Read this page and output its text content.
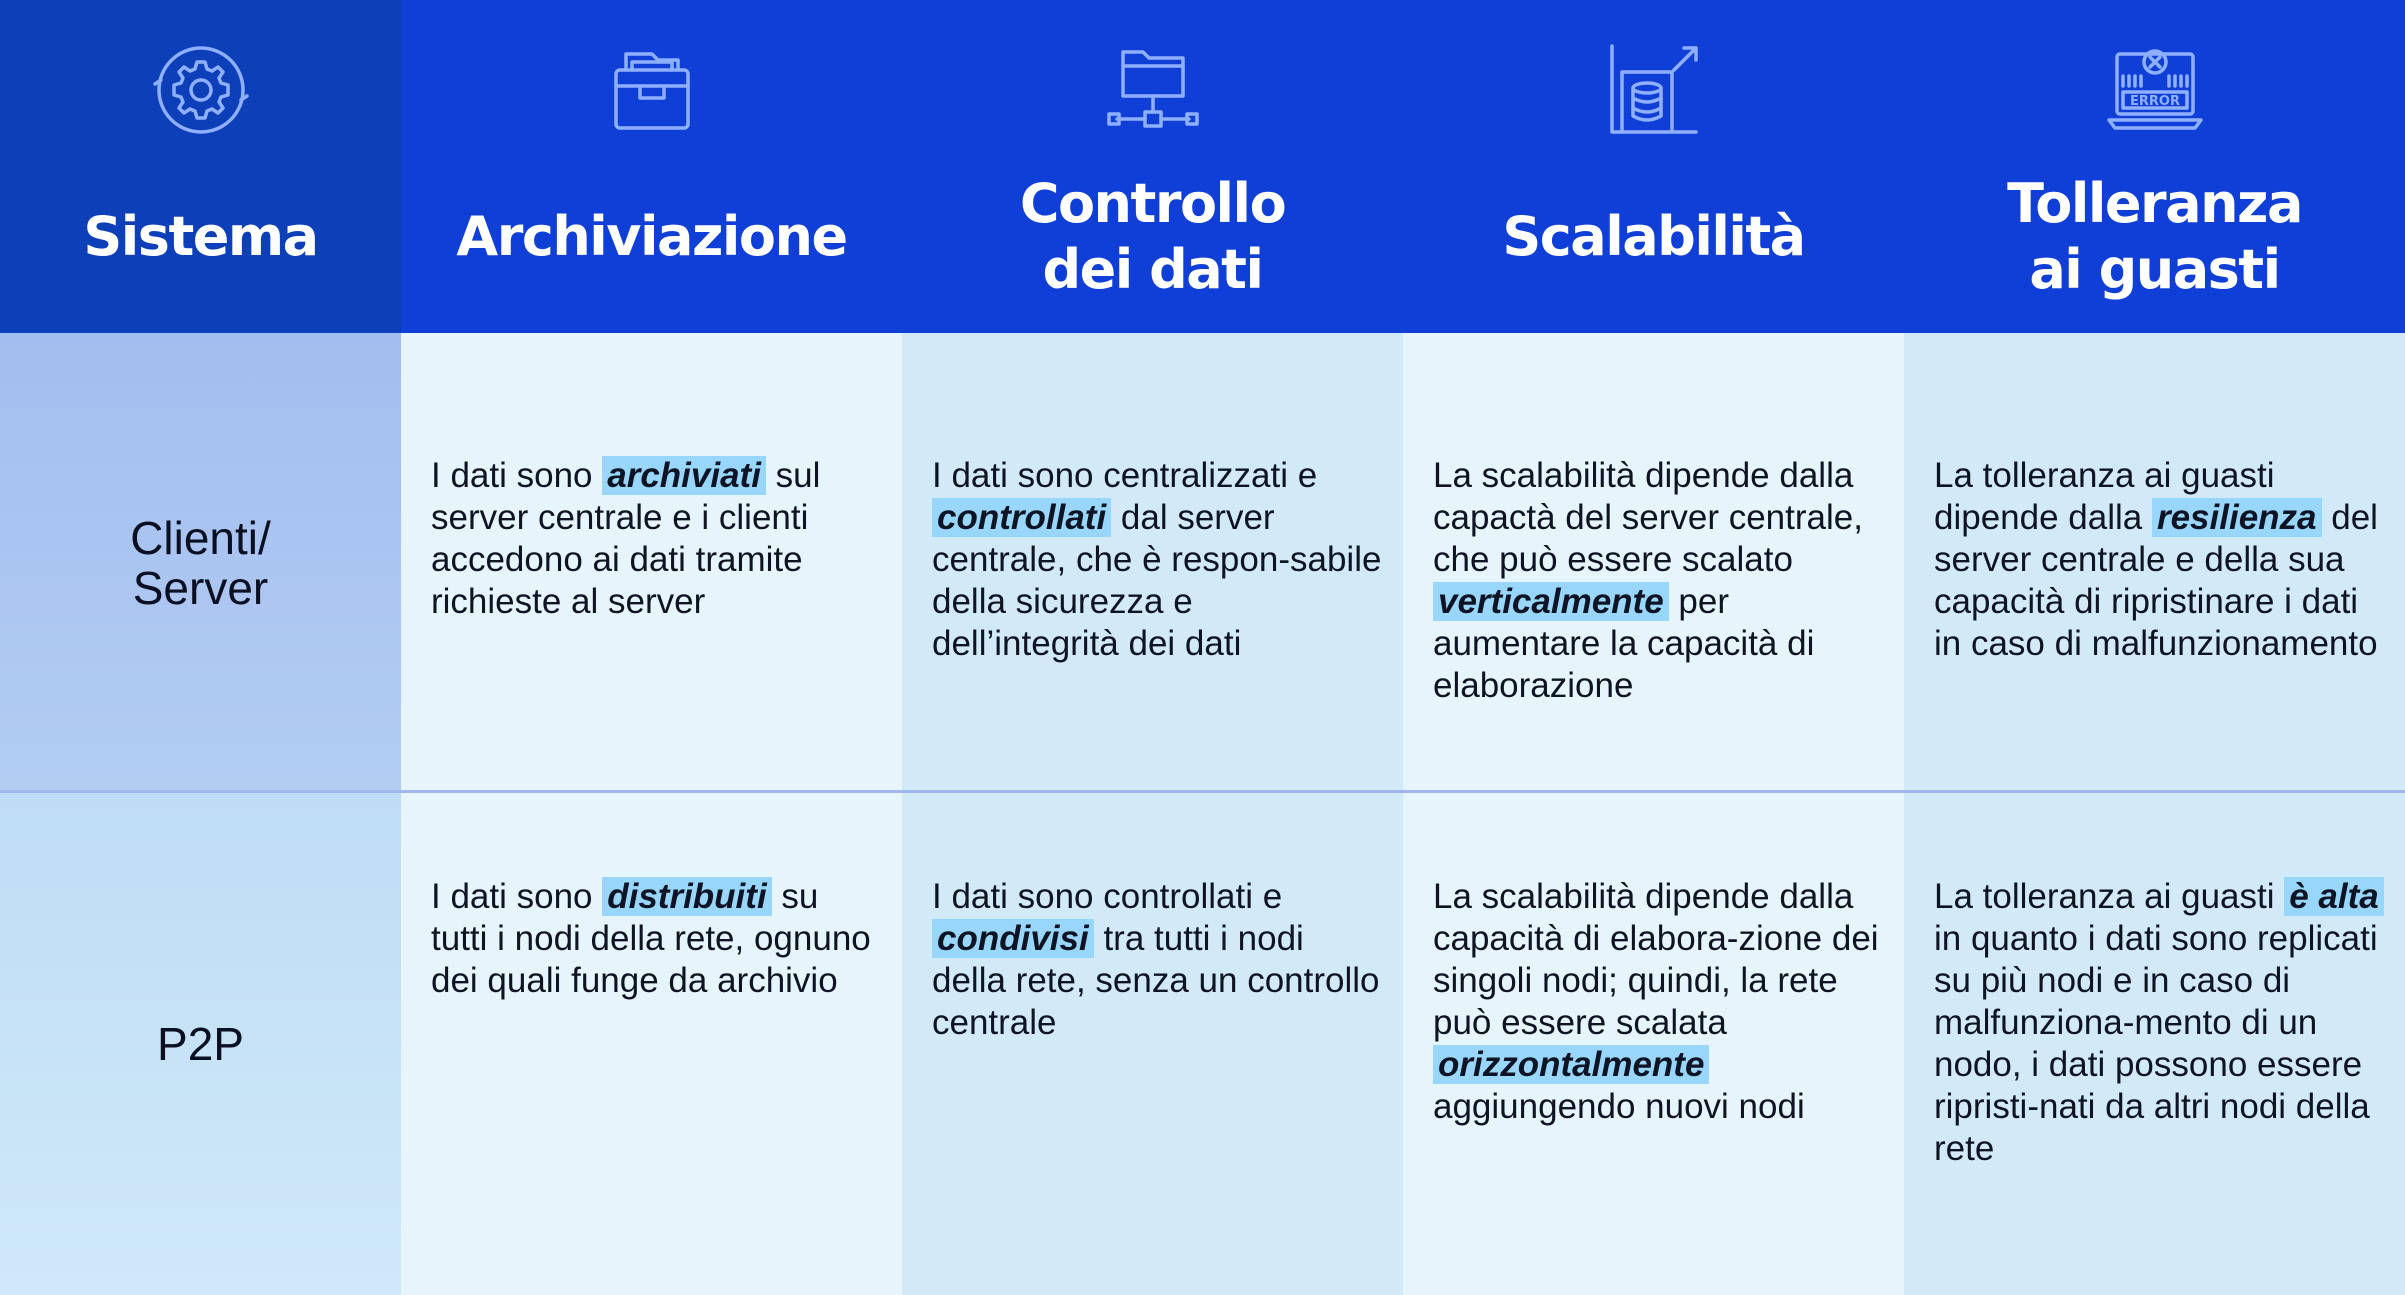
Sistema	Archiviazione
Controllo
dei dati
Scalabilità
ERROR
Tolleranza
ai guasti
Clienti/
Server
I dati sono archiviati sul server centrale e i clienti accedono ai dati tramite richieste al server
I dati sono centralizzati e controllati dal server centrale, che è respon-sabile della sicurezza e dell’integrità dei dati
La scalabilità dipende dalla capactà del server centrale, che può essere scalato verticalmente per aumentare la capacità di elaborazione
La tolleranza ai guasti dipende dalla resilienza del server centrale e della sua capacità di ripristinare i dati in caso di malfunzionamento
P2P
I dati sono distribuiti su tutti i nodi della rete, ognuno dei quali funge da archivio
I dati sono controllati e condivisi tra tutti i nodi della rete, senza un controllo centrale
La scalabilità dipende dalla capacità di elabora-zione dei singoli nodi; quindi, la rete può essere scalata orizzontalmente aggiungendo nuovi nodi
La tolleranza ai guasti è alta in quanto i dati sono replicati su più nodi e in caso di malfunziona-mento di un nodo, i dati possono essere ripristi-nati da altri nodi della rete
